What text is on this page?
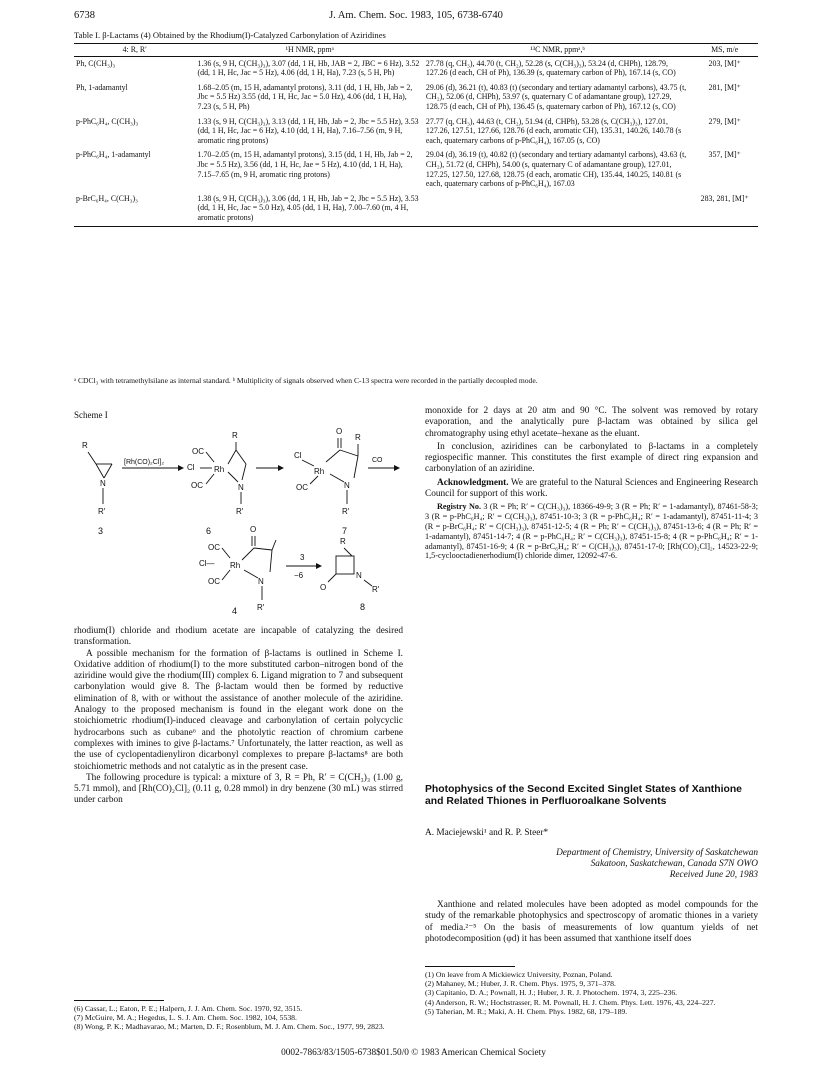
6738	J. Am. Chem. Soc. 1983, 105, 6738-6740
Table I. β-Lactams (4) Obtained by the Rhodium(I)-Catalyzed Carbonylation of Aziridines
4: R, R′	¹H NMR, ppmᵃ	¹³C NMR, ppmᵃ,ᵇ	MS, m/e
Ph, C(CH₃)₃	1.36 (s, 9 H, C(CH₃)₃), 3.07 (dd, 1 H, Hb, JAB = 2, JBC = 6 Hz), 3.52 (dd, 1 H, Hc, Jac = 5 Hz), 4.06 (dd, 1 H, Ha), 7.23 (s, 5 H, Ph)	27.78 (q, CH₃), 44.70 (t, CH₂), 52.28 (s, C(CH₃)₃), 53.24 (d, CHPh), 128.79, 127.26 (d each, CH of Ph), 136.39 (s, quaternary carbon of Ph), 167.14 (s, CO)	203, [M]⁺
Ph, 1-adamantyl	1.68–2.05 (m, 15 H, adamantyl protons), 3.11 (dd, 1 H, Hb, Jab = 2, Jbc = 5.5 Hz) 3.55 (dd, 1 H, Hc, Jac = 5.0 Hz), 4.06 (dd, 1 H, Ha), 7.23 (s, 5 H, Ph)	29.06 (d), 36.21 (t), 40.83 (t) (secondary and tertiary adamantyl carbons), 43.75 (t, CH₂), 52.06 (d, CHPh), 53.97 (s, quaternary C of adamantane group), 127.29, 128.75 (d each, CH of Ph), 136.45 (s, quaternary carbon of Ph), 167.12 (s, CO)	281, [M]⁺
p-PhC₆H₄, C(CH₃)₃	1.33 (s, 9 H, C(CH₃)₃), 3.13 (dd, 1 H, Hb, Jab = 2, Jbc = 5.5 Hz), 3.53 (dd, 1 H, Hc, Jac = 6 Hz), 4.10 (dd, 1 H, Ha), 7.16–7.56 (m, 9 H, aromatic ring protons)	27.77 (q, CH₃), 44.63 (t, CH₂), 51.94 (d, CHPh), 53.28 (s, C(CH₃)₃), 127.01, 127.26, 127.51, 127.66, 128.76 (d each, aromatic CH), 135.31, 140.26, 140.78 (s each, quaternary carbons of p-PhC₆H₄), 167.05 (s, CO)	279, [M]⁺
p-PhC₆H₄, 1-adamantyl	1.70–2.05 (m, 15 H, adamantyl protons), 3.15 (dd, 1 H, Hb, Jab = 2, Jbc = 5.5 Hz), 3.56 (dd, 1 H, Hc, Jae = 5 Hz), 4.10 (dd, 1 H, Ha), 7.15–7.65 (m, 9 H, aromatic ring protons)	29.04 (d), 36.19 (t), 40.82 (t) (secondary and tertiary adamantyl carbons), 43.63 (t, CH₂), 51.72 (d, CHPh), 54.00 (s, quaternary C of adamantane group), 127.01, 127.25, 127.50, 127.68, 128.75 (d each, aromatic CH), 135.44, 140.25, 140.81 (s each, quaternary carbons of p-PhC₆H₄), 167.03	357, [M]⁺
p-BrC₆H₄, C(CH₃)₃	1.38 (s, 9 H, C(CH₃)₃), 3.06 (dd, 1 H, Hb, Jab = 2, Jbc = 5.5 Hz), 3.53 (dd, 1 H, Hc, Jac = 5.0 Hz), 4.05 (dd, 1 H, Ha), 7.00–7.60 (m, 4 H, aromatic protons)		283, 281, [M]⁺
ᵃ CDCl₃ with tetramethylsilane as internal standard. ᵇ Multiplicity of signals observed when C-13 spectra were recorded in the partially decoupled mode.
Scheme I
R
N
R′
3
[Rh(CO)₂Cl]₂
OC
Cl
OC
Rh
R
N
R′
6
O
R
Cl
OC
Rh
N
R′
7
CO
OC
Cl—
OC
Rh
O
N
R′
4
3
−6
R
O
N
R′
8

rhodium(I) chloride and rhodium acetate are incapable of catalyzing the desired transformation.

A possible mechanism for the formation of β-lactams is outlined in Scheme I. Oxidative addition of rhodium(I) to the more substituted carbon–nitrogen bond of the aziridine would give the rhodium(III) complex 6. Ligand migration to 7 and subsequent carbonylation would give 8. The β-lactam would then be formed by reductive elimination of 8, with or without the assistance of another molecule of the aziridine. Analogy to the proposed mechanism is found in the elegant work done on the stoichiometric rhodium(I)-induced cleavage and carbonylation of certain polycyclic hydrocarbons such as cubane⁶ and the photolytic reaction of chromium carbene complexes with imines to give β-lactams.⁷ Unfortunately, the latter reaction, as well as the use of cyclopentadienyliron dicarbonyl complexes to prepare β-lactams⁸ are both stoichiometric methods and not catalytic as in the present case.

The following procedure is typical: a mixture of 3, R = Ph, R′ = C(CH₃)₃ (1.00 g, 5.71 mmol), and [Rh(CO)₂Cl]₂ (0.11 g, 0.28 mmol) in dry benzene (30 mL) was stirred under carbon

(6) Cassar, L.; Eaton, P. E.; Halpern, J. J. Am. Chem. Soc. 1970, 92, 3515.

(7) McGuire, M. A.; Hegedus, L. S. J. Am. Chem. Soc. 1982, 104, 5538.

(8) Wong, P. K.; Madhavarao, M.; Marten, D. F.; Rosenblum, M. J. Am. Chem. Soc., 1977, 99, 2823.

monoxide for 2 days at 20 atm and 90 °C. The solvent was removed by rotary evaporation, and the analytically pure β-lactam was obtained by silica gel chromatography using ethyl acetate–hexane as the eluant.

In conclusion, aziridines can be carbonylated to β-lactams in a completely regiospecific manner. This constitutes the first example of direct ring expansion and carbonylation of an aziridine.

Acknowledgment. We are grateful to the Natural Sciences and Engineering Research Council for support of this work.

Registry No. 3 (R = Ph; R′ = C(CH₃)₃), 18366-49-9; 3 (R = Ph; R′ = 1-adamantyl), 87461-58-3; 3 (R = p-PhC₆H₄; R′ = C(CH₃)₃), 87451-10-3; 3 (R = p-PhC₆H₄; R′ = 1-adamantyl), 87451-11-4; 3 (R = p-BrC₆H₄; R′ = C(CH₃)₃), 87451-12-5; 4 (R = Ph; R′ = C(CH₃)₃), 87451-13-6; 4 (R = Ph; R′ = 1-adamantyl), 87451-14-7; 4 (R = p-PhC₆H₄; R′ = C(CH₃)₃), 87451-15-8; 4 (R = p-PhC₆H₄; R′ = 1-adamantyl), 87451-16-9; 4 (R = p-BrC₆H₄; R′ = C(CH₃)₃), 87451-17-0; [Rh(CO)₂Cl]₂, 14523-22-9; 1,5-cyclooctadienerhodium(I) chloride dimer, 12092-47-6.

Photophysics of the Second Excited Singlet States of Xanthione and Related Thiones in Perfluoroalkane Solvents
A. Maciejewski¹ and R. P. Steer*
Department of Chemistry, University of Saskatchewan
Sakatoon, Saskatchewan, Canada S7N OWO
Received June 20, 1983

Xanthione and related molecules have been adopted as model compounds for the study of the remarkable photophysics and spectroscopy of aromatic thiones in a variety of media.²⁻⁵ On the basis of measurements of low quantum yields of net photodecomposition (φd) it has been assumed that xanthione itself does

(1) On leave from A Mickiewicz University, Poznan, Poland.

(2) Mahaney, M.; Huber, J. R. Chem. Phys. 1975, 9, 371–378.

(3) Capitanio, D. A.; Pownall, H. J.; Huber, J. R. J. Photochem. 1974, 3, 225–236.

(4) Anderson, R. W.; Hochstrasser, R. M. Pownall, H. J. Chem. Phys. Lett. 1976, 43, 224–227.

(5) Taherian, M. R.; Maki, A. H. Chem. Phys. 1982, 68, 179–189.

0002-7863/83/1505-6738$01.50/0 © 1983 American Chemical Society
